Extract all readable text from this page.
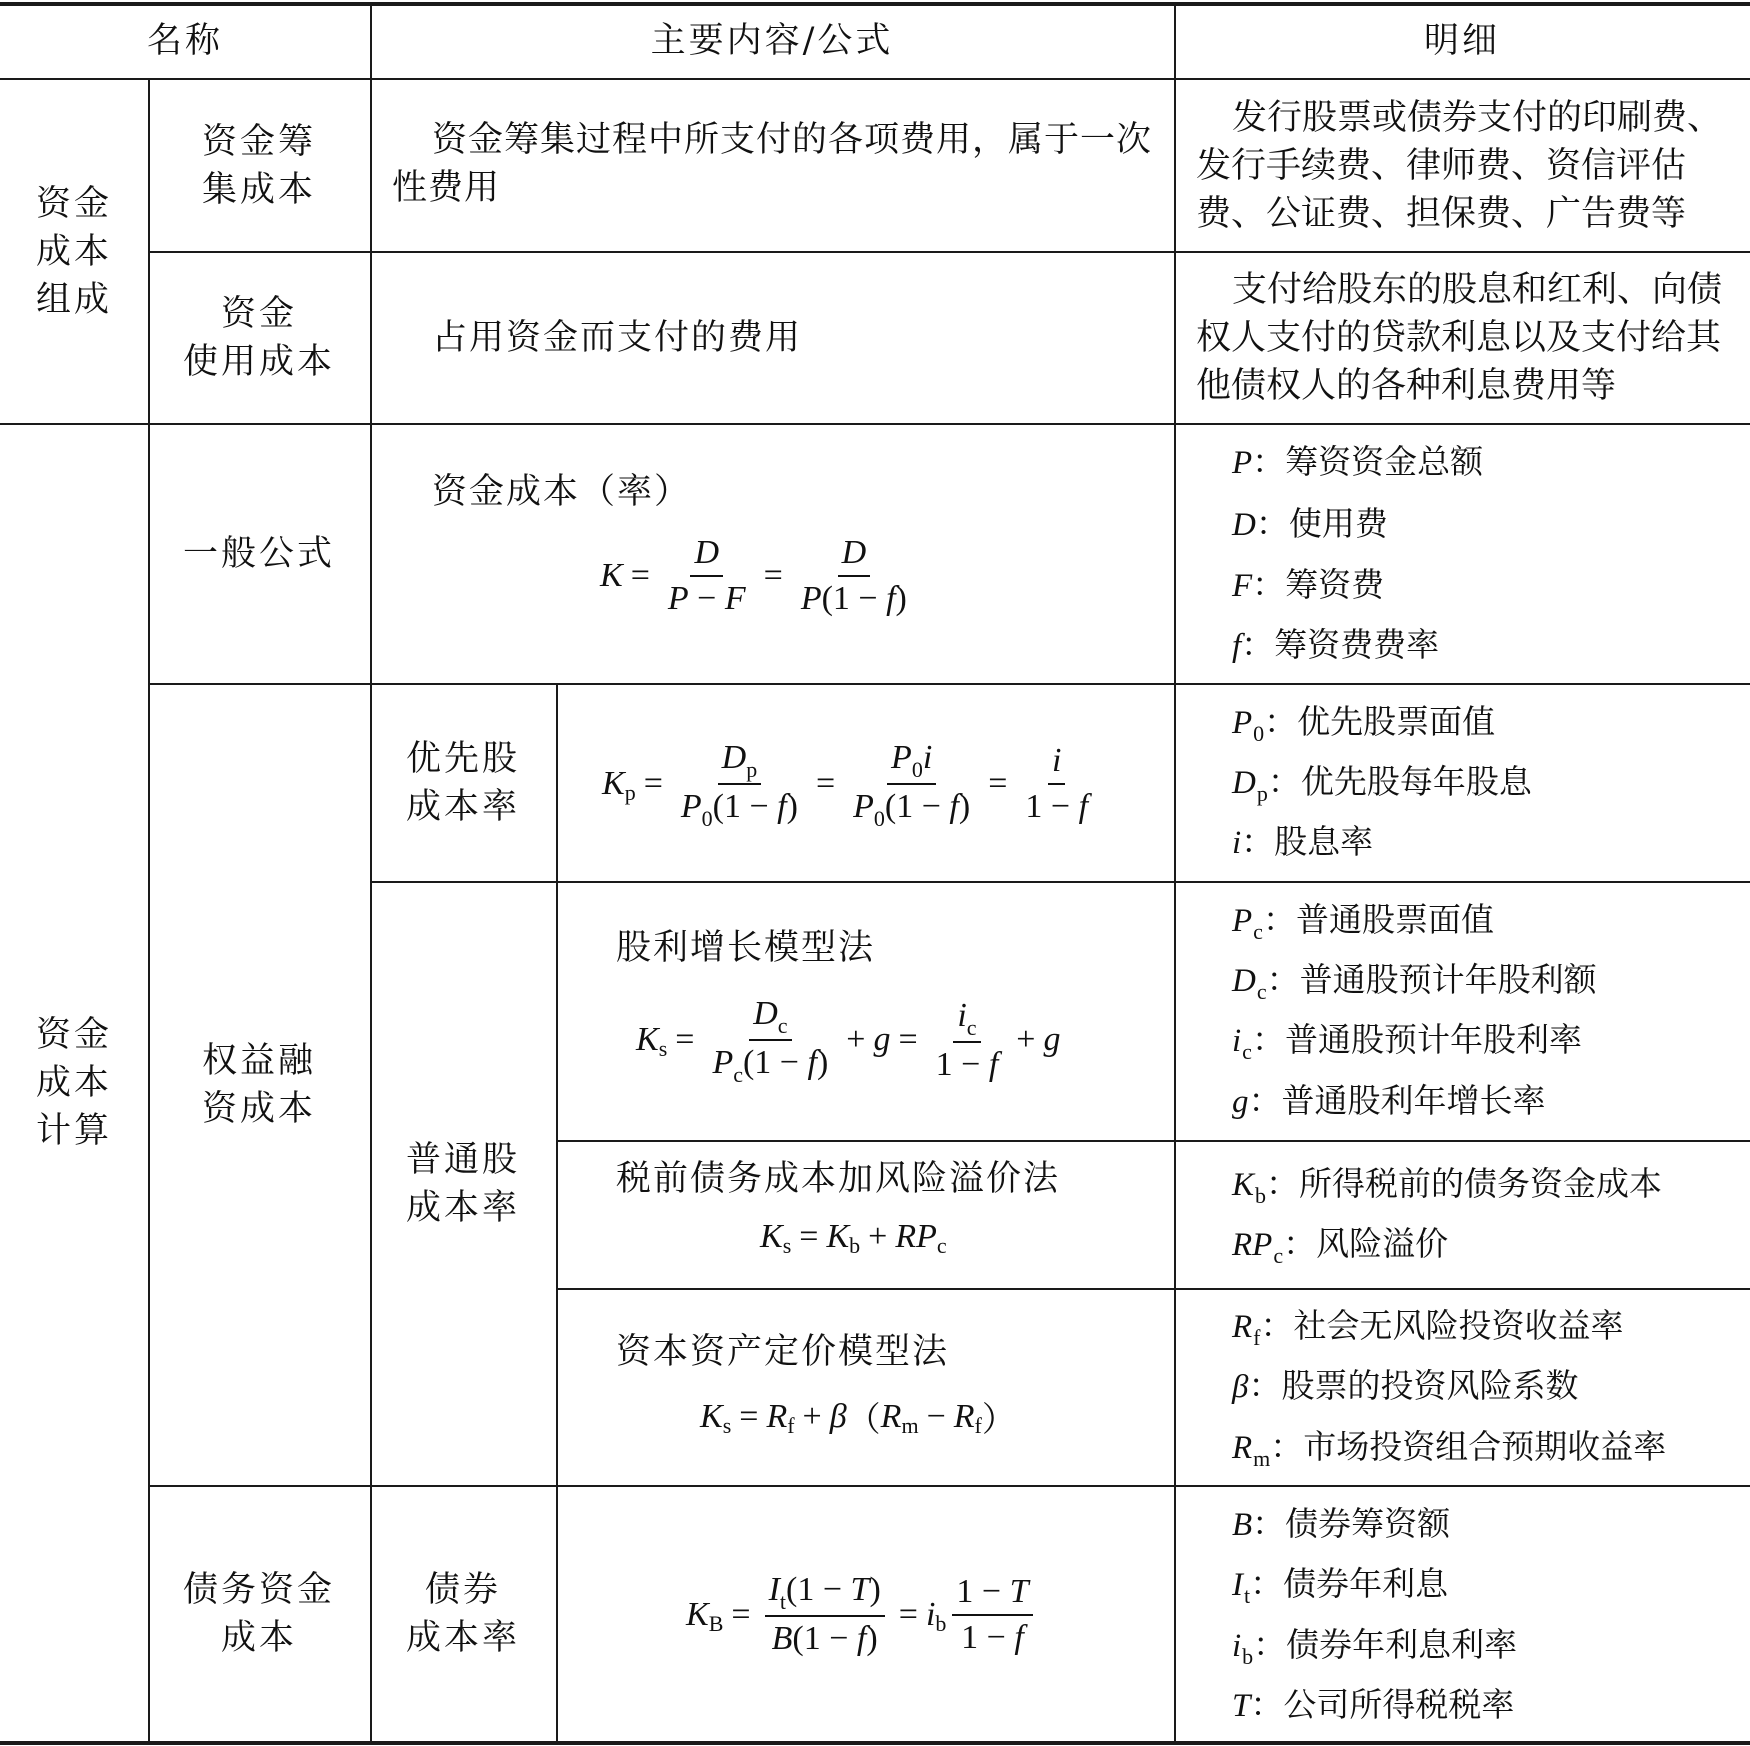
名称	主要内容/公式	明细
资金
成本
组成
资金筹
集成本
资金筹集过程中所支付的各项费用，属于一次性费用
发行股票或债券支付的印刷费、发行手续费、律师费、资信评估费、公证费、担保费、广告费等
资金
使用成本
占用资金而支付的费用
支付给股东的股息和红利、向债权人支付的贷款利息以及支付给其他债权人的各种利息费用等
资金
成本
计算
一般公式
资金成本（率）
$K = \frac{D}{P - F} = \frac{D}{P(1 - f)}$
P：筹资资金总额
D：使用费
F：筹资费
f：筹资费费率
权益融
资成本
优先股
成本率
K $p = \frac{D_p}{P_0(1 - f)} = \frac{P_0i}{P_0(1 - f)} = \frac{i}{1 - f}$
$P_0$：优先股票面值
$D_p$：优先股每年股息
i：股息率
普通股
成本率
股利增长模型法
K $s = \frac{D_c}{P_c(1 - f)} + g = \frac{i_c}{1 - f} + g$
$P_c$：普通股票面值
$D_c$：普通股预计年股利额
$i_c$：普通股预计年股利率
g：普通股利年增长率
税前债务成本加风险溢价法
K s = K b + RP c
$K_b$：所得税前的债务资金成本
$RP_c$：风险溢价
资本资产定价模型法
K s = R f + β （ R m − R f ）
$R_f$：社会无风险投资收益率
β：股票的投资风险系数
$R_m$：市场投资组合预期收益率
债务资金
成本
债券
成本率
K $B = \frac{I_t(1 - T)}{B(1 - f)} = i$ b $\frac{1 - T}{1 - f}$
B：债券筹资额
$I_t$：债券年利息
$i_b$：债券年利息利率
T：公司所得税税率
